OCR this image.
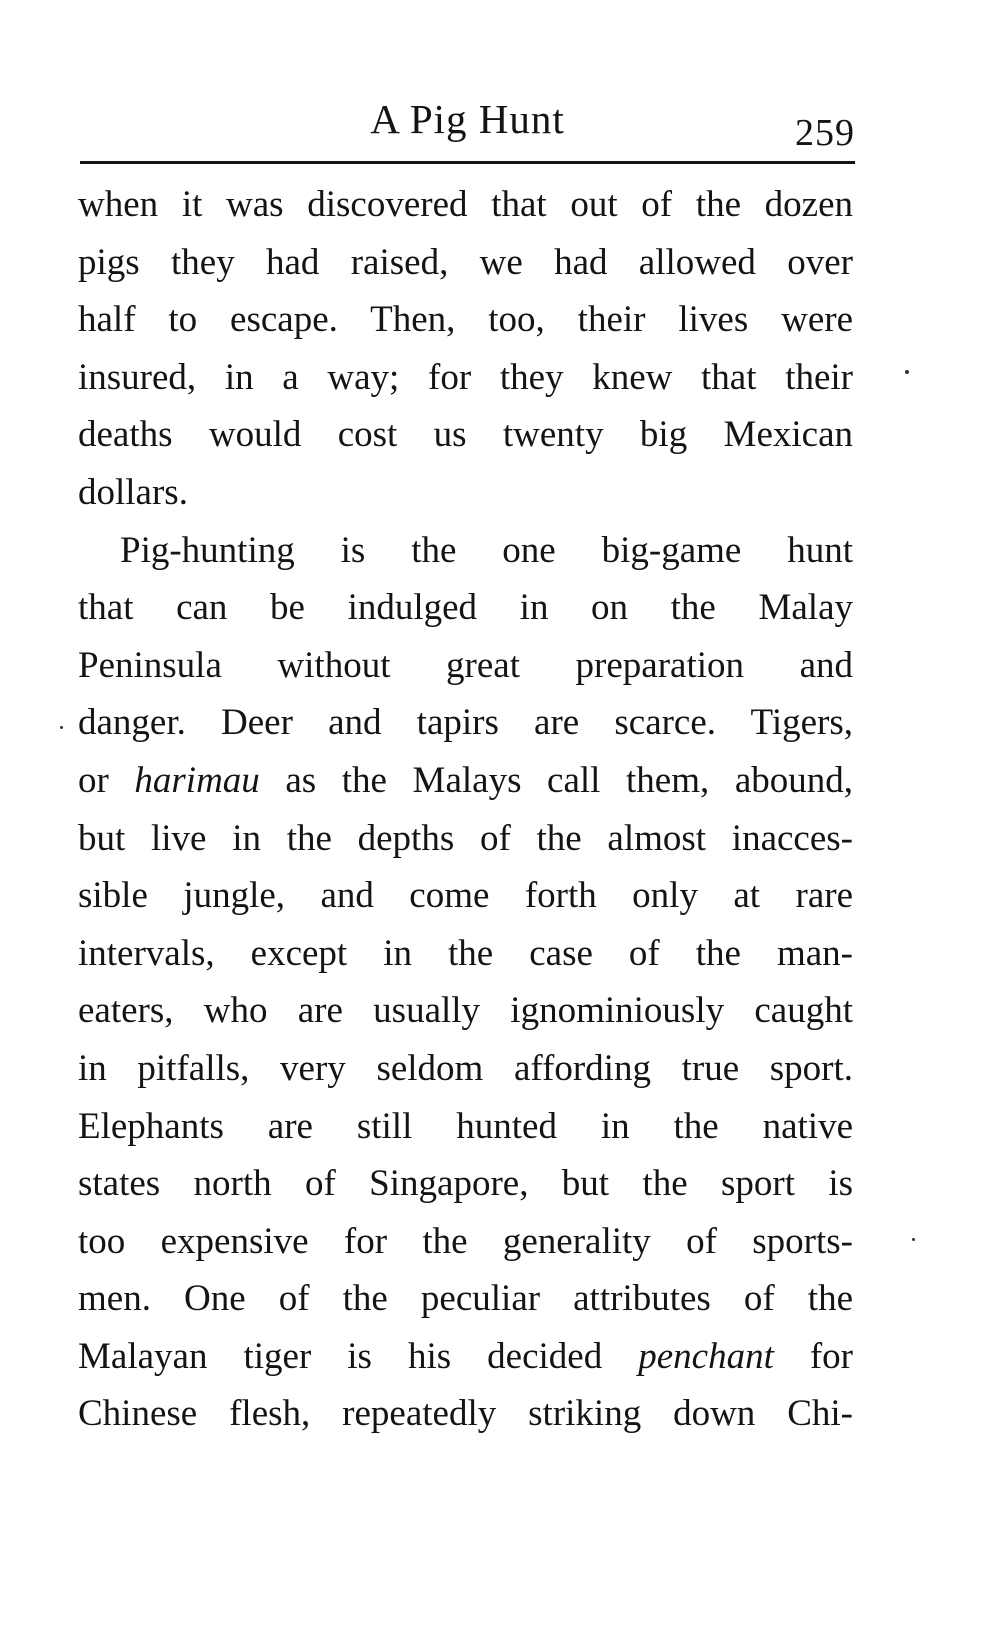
A Pig Hunt	259
when it was discovered that out of the dozen
pigs they had raised, we had allowed over
half to escape. Then, too, their lives were
insured, in a way; for they knew that their
deaths would cost us twenty big Mexican
dollars.
Pig-hunting is the one big-game hunt
that can be indulged in on the Malay
Peninsula without great preparation and
danger. Deer and tapirs are scarce. Tigers,
or harimau as the Malays call them, abound,
but live in the depths of the almost inacces-
sible jungle, and come forth only at rare
intervals, except in the case of the man-
eaters, who are usually ignominiously caught
in pitfalls, very seldom affording true sport.
Elephants are still hunted in the native
states north of Singapore, but the sport is
too expensive for the generality of sports-
men. One of the peculiar attributes of the
Malayan tiger is his decided penchant for
Chinese flesh, repeatedly striking down Chi-
